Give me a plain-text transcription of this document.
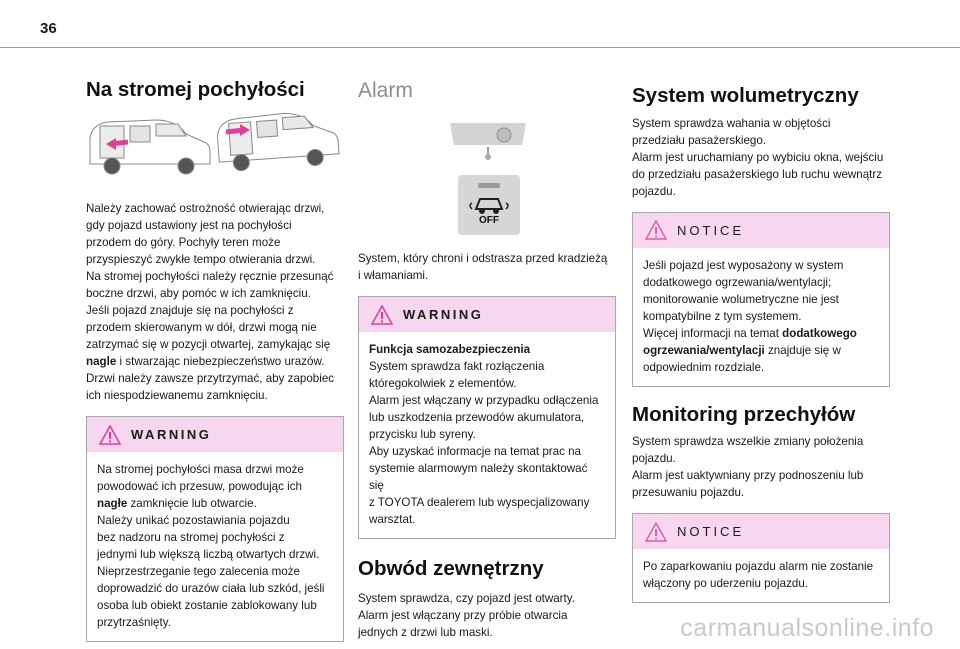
36
Na stromej pochyłości

Należy zachować ostrożność otwierając drzwi,
gdy pojazd ustawiony jest na pochyłości
przodem do góry. Pochyły teren może
przyspieszyć zwykłe tempo otwierania drzwi.
Na stromej pochyłości należy ręcznie przesunąć
boczne drzwi, aby pomóc w ich zamknięciu.
Jeśli pojazd znajduje się na pochyłości z
przodem skierowanym w dół, drzwi mogą nie
zatrzymać się w pozycji otwartej, zamykając się
nagle i stwarzając niebezpieczeństwo urazów.
Drzwi należy zawsze przytrzymać, aby zapobiec
ich niespodziewanemu zamknięciu.

WARNING
Na stromej pochyłości masa drzwi może
powodować ich przesuw, powodując ich
nagłe zamknięcie lub otwarcie.
Należy unikać pozostawiania pojazdu
bez nadzoru na stromej pochyłości z
jednymi lub większą liczbą otwartych drzwi.
Nieprzestrzeganie tego zalecenia może
doprowadzić do urazów ciała lub szkód, jeśli
osoba lub obiekt zostanie zablokowany lub
przytrzaśnięty.
Alarm
OFF

System, który chroni i odstrasza przed kradzieżą
i włamaniami.

WARNING
Funkcja samozabezpieczenia
System sprawdza fakt rozłączenia
któregokolwiek z elementów.
Alarm jest włączany w przypadku odłączenia
lub uszkodzenia przewodów akumulatora,
przycisku lub syreny.
Aby uzyskać informacje na temat prac na
systemie alarmowym należy skontaktować się
z TOYOTA dealerem lub wyspecjalizowany
warsztat.
Obwód zewnętrzny

System sprawdza, czy pojazd jest otwarty.
Alarm jest włączany przy próbie otwarcia
jednych z drzwi lub maski.

System wolumetryczny

System sprawdza wahania w objętości
przedziału pasażerskiego.
Alarm jest uruchamiany po wybiciu okna, wejściu
do przedziału pasażerskiego lub ruchu wewnątrz
pojazdu.

NOTICE
Jeśli pojazd jest wyposażony w system
dodatkowego ogrzewania/wentylacji;
monitorowanie wolumetryczne nie jest
kompatybilne z tym systemem.
Więcej informacji na temat dodatkowego
ogrzewania/wentylacji znajduje się w
odpowiednim rozdziale.
Monitoring przechyłów

System sprawdza wszelkie zmiany położenia
pojazdu.
Alarm jest uaktywniany przy podnoszeniu lub
przesuwaniu pojazdu.

NOTICE
Po zaparkowaniu pojazdu alarm nie zostanie
włączony po uderzeniu pojazdu.
carmanualsonline.info
